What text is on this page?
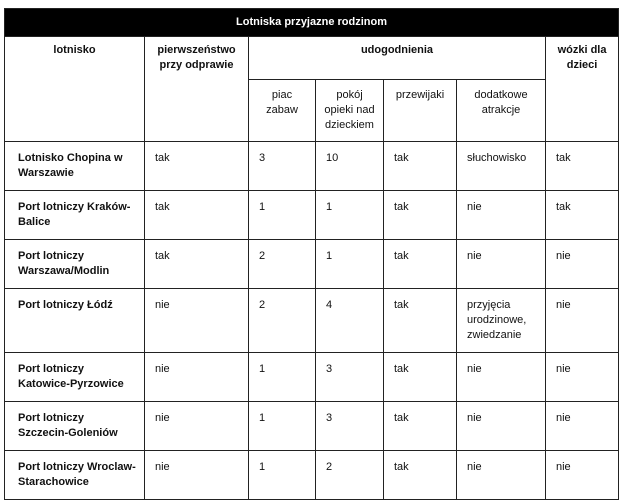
Lotniska przyjazne rodzinom						
lotnisko	pierwszeństwo przy odprawie	udogodnienia				wózki dla dzieci
		piac zabaw	pokój opieki nad dzieckiem	przewijaki	dodatkowe atrakcje	
Lotnisko Chopina w Warszawie	tak	3	10	tak	słuchowisko	tak
Port lotniczy Kraków-Balice	tak	1	1	tak	nie	tak
Port lotniczy Warszawa/Modlin	tak	2	1	tak	nie	nie
Port lotniczy Łódź	nie	2	4	tak	przyjęcia urodzinowe, zwiedzanie	nie
Port lotniczy Katowice-Pyrzowice	nie	1	3	tak	nie	nie
Port lotniczy Szczecin-Goleniów	nie	1	3	tak	nie	nie
Port lotniczy Wroclaw-Starachowice	nie	1	2	tak	nie	nie
